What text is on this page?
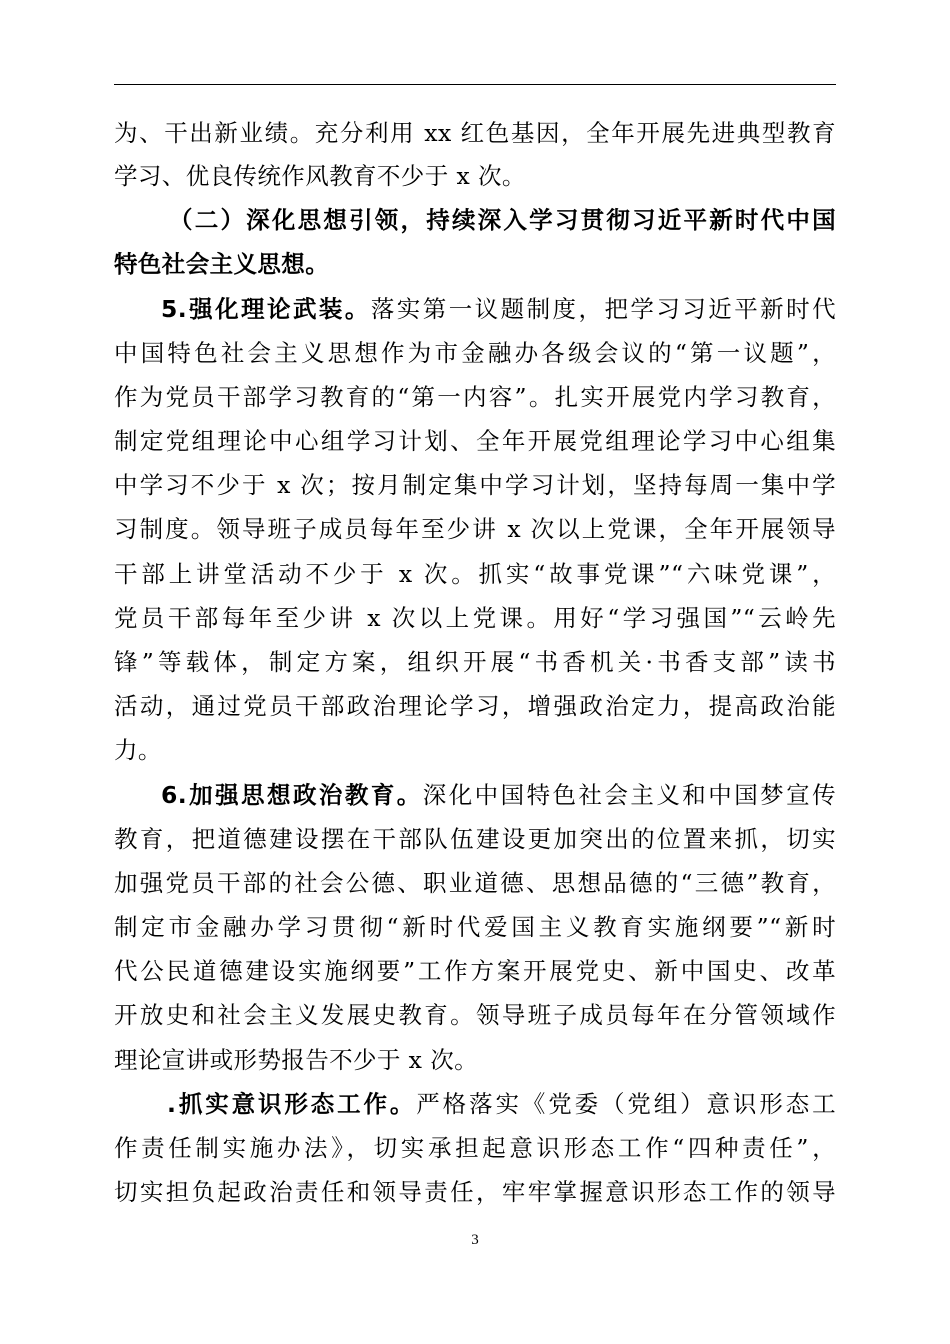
为、干出新业绩。充分利用 xx 红色基因，全年开展先进典型教育
学习、优良传统作风教育不少于 x 次。
（二）深化思想引领，持续深入学习贯彻习近平新时代中国
特色社会主义思想。
5.强化理论武装。落实第一议题制度，把学习习近平新时代
中国特色社会主义思想作为市金融办各级会议的“第一议题”，
作为党员干部学习教育的“第一内容”。扎实开展党内学习教育，
制定党组理论中心组学习计划、全年开展党组理论学习中心组集
中学习不少于 x 次；按月制定集中学习计划，坚持每周一集中学
习制度。领导班子成员每年至少讲 x 次以上党课，全年开展领导
干部上讲堂活动不少于 x 次。抓实“故事党课”“六味党课”，
党员干部每年至少讲 x 次以上党课。用好“学习强国”“云岭先
锋”等载体，制定方案，组织开展“书香机关·书香支部”读书
活动，通过党员干部政治理论学习，增强政治定力，提高政治能
力。
6.加强思想政治教育。深化中国特色社会主义和中国梦宣传
教育，把道德建设摆在干部队伍建设更加突出的位置来抓，切实
加强党员干部的社会公德、职业道德、思想品德的“三德”教育，
制定市金融办学习贯彻“新时代爱国主义教育实施纲要”“新时
代公民道德建设实施纲要”工作方案开展党史、新中国史、改革
开放史和社会主义发展史教育。领导班子成员每年在分管领域作
理论宣讲或形势报告不少于 x 次。
.抓实意识形态工作。严格落实《党委（党组）意识形态工
作责任制实施办法》，切实承担起意识形态工作“四种责任”，
切实担负起政治责任和领导责任，牢牢掌握意识形态工作的领导
3
